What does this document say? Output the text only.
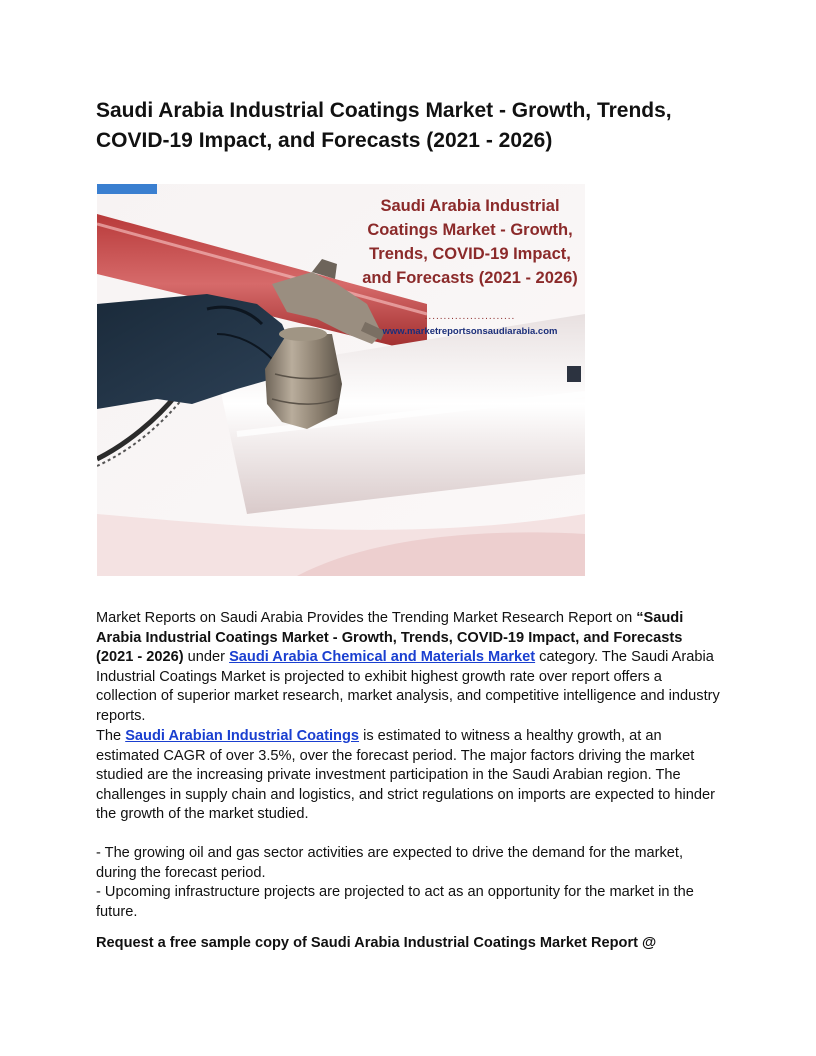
Saudi Arabia Industrial Coatings Market - Growth, Trends, COVID-19 Impact, and Forecasts (2021 - 2026)
Saudi Arabia Industrial Coatings Market - Growth, Trends, COVID-19 Impact, and Forecasts (2021 - 2026)
........................
www.marketreportsonsaudiarabia.com

Market Reports on Saudi Arabia Provides the Trending Market Research Report on “Saudi Arabia Industrial Coatings Market - Growth, Trends, COVID-19 Impact, and Forecasts (2021 - 2026) under Saudi Arabia Chemical and Materials Market category. The Saudi Arabia Industrial Coatings Market is projected to exhibit highest growth rate over report offers a collection of superior market research, market analysis, and competitive intelligence and industry reports.

The Saudi Arabian Industrial Coatings is estimated to witness a healthy growth, at an estimated CAGR of over 3.5%, over the forecast period. The major factors driving the market studied are the increasing private investment participation in the Saudi Arabian region. The challenges in supply chain and logistics, and strict regulations on imports are expected to hinder the growth of the market studied.

- The growing oil and gas sector activities are expected to drive the demand for the market, during the forecast period.
- Upcoming infrastructure projects are projected to act as an opportunity for the market in the future.

Request a free sample copy of Saudi Arabia Industrial Coatings Market Report @
